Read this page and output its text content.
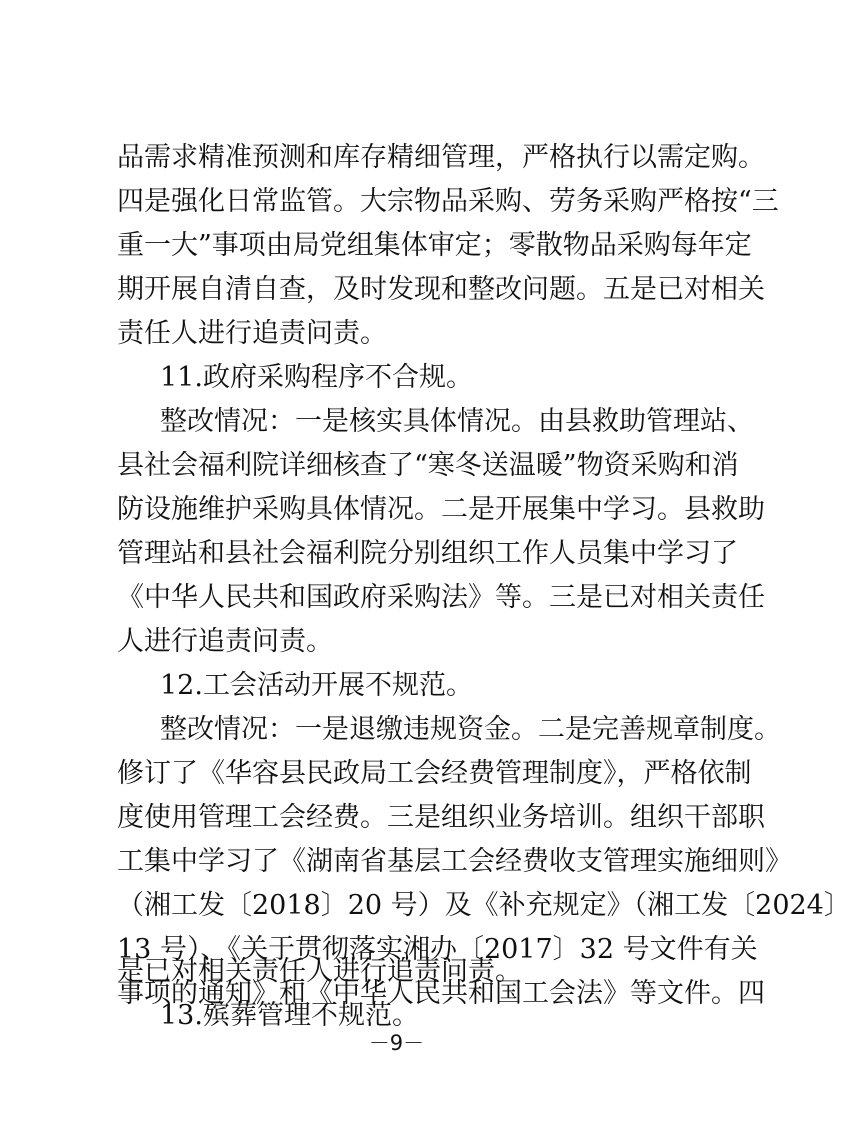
品需求精准预测和库存精细管理，严格执行以需定购。
四是强化日常监管。大宗物品采购、劳务采购严格按“三
重一大”事项由局党组集体审定；零散物品采购每年定
期开展自清自查，及时发现和整改问题。五是已对相关
责任人进行追责问责。
11.政府采购程序不合规。
整改情况：一是核实具体情况。由县救助管理站、
县社会福利院详细核查了“寒冬送温暖”物资采购和消
防设施维护采购具体情况。二是开展集中学习。县救助
管理站和县社会福利院分别组织工作人员集中学习了
《中华人民共和国政府采购法》等。三是已对相关责任
人进行追责问责。
12.工会活动开展不规范。
整改情况：一是退缴违规资金。二是完善规章制度。
修订了《华容县民政局工会经费管理制度》，严格依制
度使用管理工会经费。三是组织业务培训。组织干部职
工集中学习了《湖南省基层工会经费收支管理实施细则》
（湘工发〔2018〕20 号）及《补充规定》（湘工发〔2024〕
13 号）、《关于贯彻落实湘办〔2017〕32 号文件有关
事项的通知》和《中华人民共和国工会法》等文件。四
是已对相关责任人进行追责问责。
13.殡葬管理不规范。
－9－
